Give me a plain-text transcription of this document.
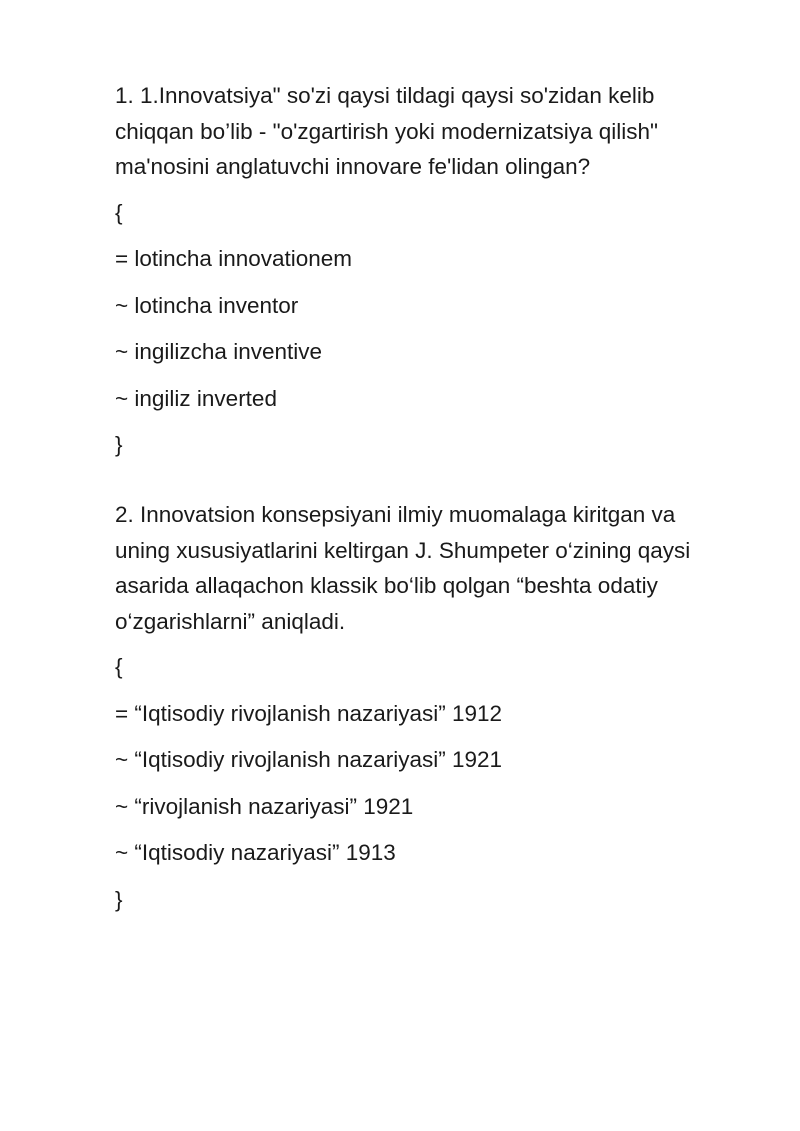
1. 1.Innovatsiya" so'zi qaysi tildagi qaysi so'zidan kelib chiqqan bo’lib - "o'zgartirish yoki modernizatsiya qilish" ma'nosini anglatuvchi innovare fe'lidan olingan?

{
= lotincha innovationem
~ lotincha inventor
~ ingilizcha inventive
~ ingiliz inverted
}

2. Innovatsion konsepsiyani ilmiy muomalaga kiritgan va uning xususiyatlarini keltirgan J. Shumpeter o‘zining qaysi asarida allaqachon klassik bo‘lib qolgan “beshta odatiy o‘zgarishlarni” aniqladi.

{
= “Iqtisodiy rivojlanish nazariyasi” 1912
~ “Iqtisodiy rivojlanish nazariyasi” 1921
~ “rivojlanish nazariyasi” 1921
~ “Iqtisodiy nazariyasi” 1913
}
